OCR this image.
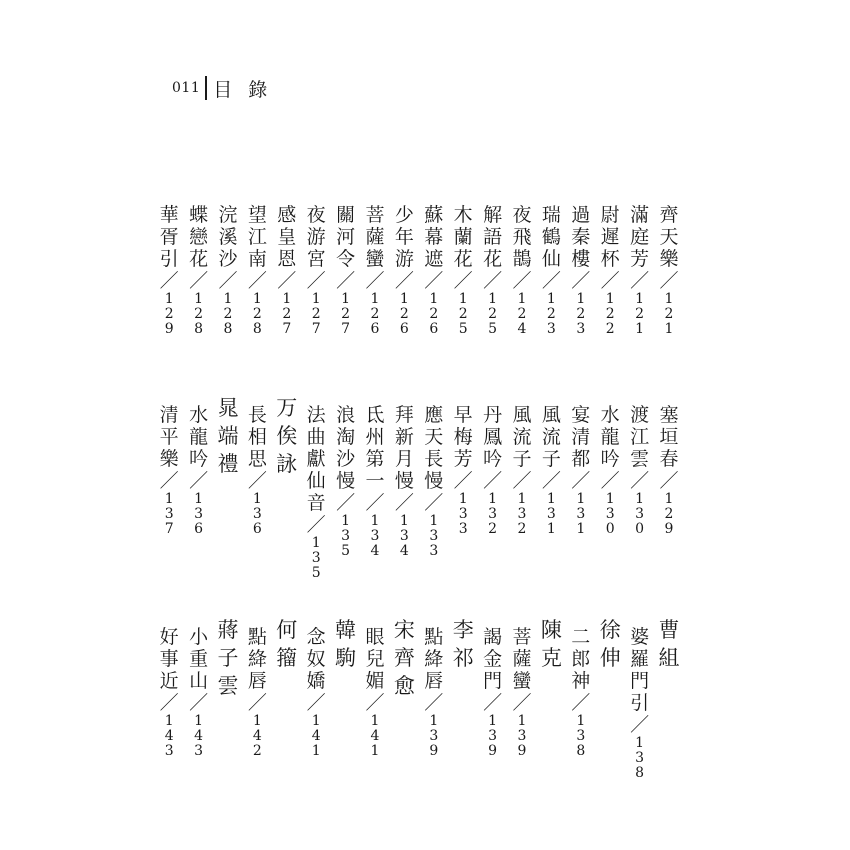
011 目錄
齊
天
樂
／
1
2
1
滿
庭
芳
／
1
2
1
尉
遲
杯
／
1
2
2
過
秦
樓
／
1
2
3
瑞
鶴
仙
／
1
2
3
夜
飛
鵲
／
1
2
4
解
語
花
／
1
2
5
木
蘭
花
／
1
2
5
蘇
幕
遮
／
1
2
6
少
年
游
／
1
2
6
菩
薩
蠻
／
1
2
6
關
河
令
／
1
2
7
夜
游
宮
／
1
2
7
感
皇
恩
／
1
2
7
望
江
南
／
1
2
8
浣
溪
沙
／
1
2
8
蝶
戀
花
／
1
2
8
華
胥
引
／
1
2
9
塞
垣
春
／
1
2
9
渡
江
雲
／
1
3
0
水
龍
吟
／
1
3
0
宴
清
都
／
1
3
1
風
流
子
／
1
3
1
風
流
子
／
1
3
2
丹
鳳
吟
／
1
3
2
早
梅
芳
／
1
3
3
應
天
長
慢
／
1
3
3
拜
新
月
慢
／
1
3
4
氐
州
第
一
／
1
3
4
浪
淘
沙
慢
／
1
3
5
法
曲
獻
仙
音
／
1
3
5
万
俟
詠
長
相
思
／
1
3
6
晁
端
禮
水
龍
吟
／
1
3
6
清
平
樂
／
1
3
7
曹
組
婆
羅
門
引
／
1
3
8
徐
伸
二
郎
神
／
1
3
8
陳
克
菩
薩
蠻
／
1
3
9
謁
金
門
／
1
3
9
李
祁
點
絳
唇
／
1
3
9
宋
齊
愈
眼
兒
媚
／
1
4
1
韓
駒
念
奴
嬌
／
1
4
1
何
籀
點
絳
唇
／
1
4
2
蔣
子
雲
小
重
山
／
1
4
3
好
事
近
／
1
4
3
